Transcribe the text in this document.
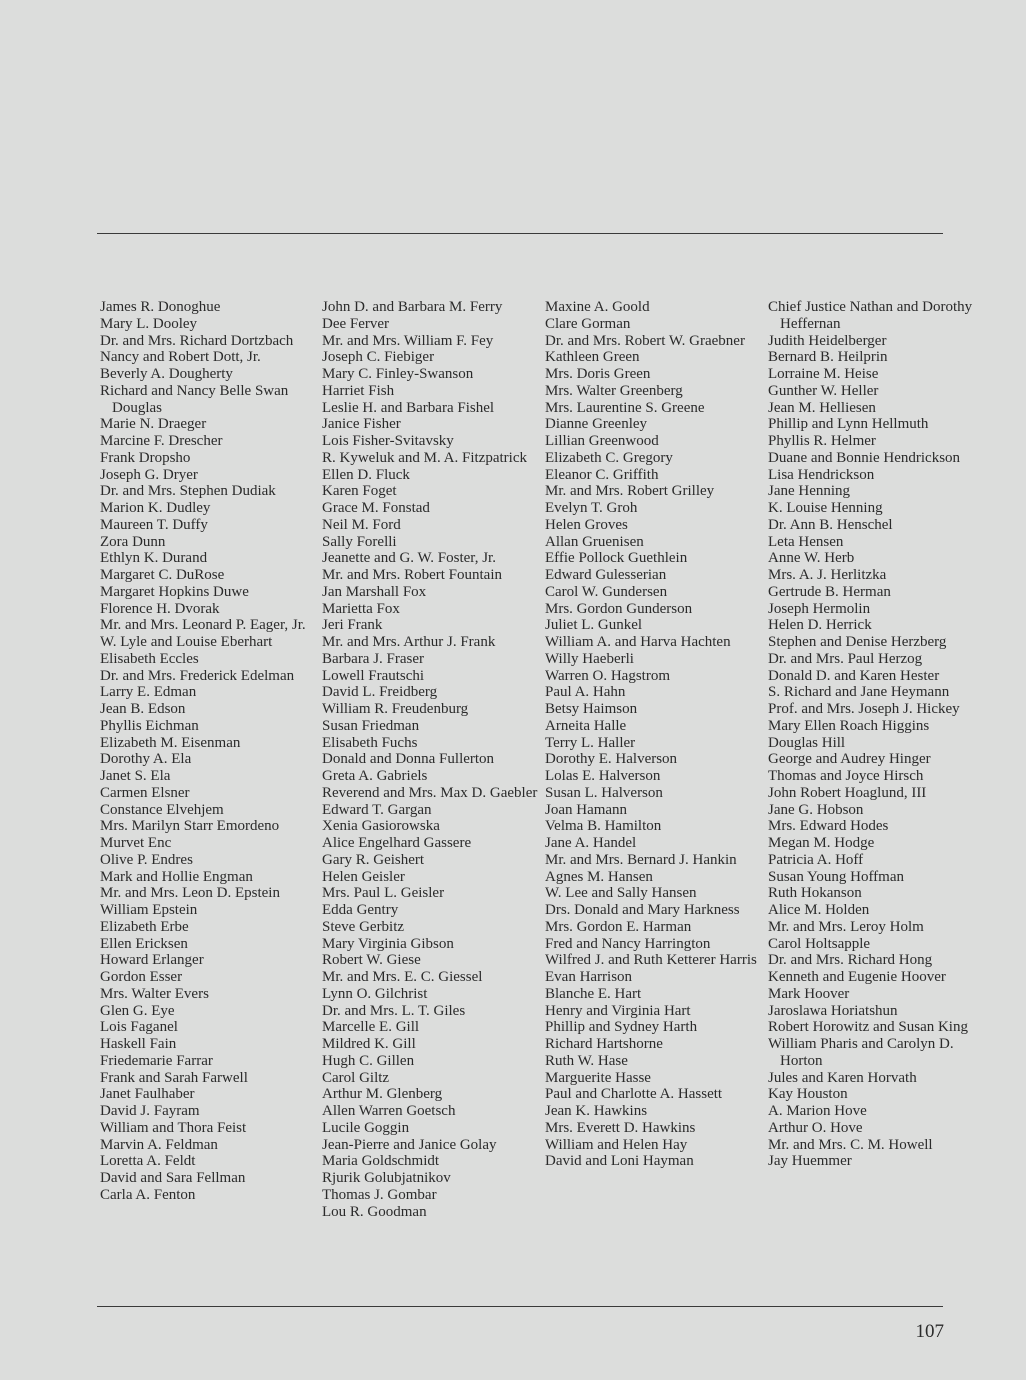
James R. Donoghue
Mary L. Dooley
Dr. and Mrs. Richard Dortzbach
Nancy and Robert Dott, Jr.
Beverly A. Dougherty
Richard and Nancy Belle Swan Douglas
Marie N. Draeger
Marcine F. Drescher
Frank Dropsho
Joseph G. Dryer
Dr. and Mrs. Stephen Dudiak
Marion K. Dudley
Maureen T. Duffy
Zora Dunn
Ethlyn K. Durand
Margaret C. DuRose
Margaret Hopkins Duwe
Florence H. Dvorak
Mr. and Mrs. Leonard P. Eager, Jr.
W. Lyle and Louise Eberhart
Elisabeth Eccles
Dr. and Mrs. Frederick Edelman
Larry E. Edman
Jean B. Edson
Phyllis Eichman
Elizabeth M. Eisenman
Dorothy A. Ela
Janet S. Ela
Carmen Elsner
Constance Elvehjem
Mrs. Marilyn Starr Emordeno
Murvet Enc
Olive P. Endres
Mark and Hollie Engman
Mr. and Mrs. Leon D. Epstein
William Epstein
Elizabeth Erbe
Ellen Ericksen
Howard Erlanger
Gordon Esser
Mrs. Walter Evers
Glen G. Eye
Lois Faganel
Haskell Fain
Friedemarie Farrar
Frank and Sarah Farwell
Janet Faulhaber
David J. Fayram
William and Thora Feist
Marvin A. Feldman
Loretta A. Feldt
David and Sara Fellman
Carla A. Fenton
John D. and Barbara M. Ferry
Dee Ferver
Mr. and Mrs. William F. Fey
Joseph C. Fiebiger
Mary C. Finley-Swanson
Harriet Fish
Leslie H. and Barbara Fishel
Janice Fisher
Lois Fisher-Svitavsky
R. Kyweluk and M. A. Fitzpatrick
Ellen D. Fluck
Karen Foget
Grace M. Fonstad
Neil M. Ford
Sally Forelli
Jeanette and G. W. Foster, Jr.
Mr. and Mrs. Robert Fountain
Jan Marshall Fox
Marietta Fox
Jeri Frank
Mr. and Mrs. Arthur J. Frank
Barbara J. Fraser
Lowell Frautschi
David L. Freidberg
William R. Freudenburg
Susan Friedman
Elisabeth Fuchs
Donald and Donna Fullerton
Greta A. Gabriels
Reverend and Mrs. Max D. Gaebler
Edward T. Gargan
Xenia Gasiorowska
Alice Engelhard Gassere
Gary R. Geishert
Helen Geisler
Mrs. Paul L. Geisler
Edda Gentry
Steve Gerbitz
Mary Virginia Gibson
Robert W. Giese
Mr. and Mrs. E. C. Giessel
Lynn O. Gilchrist
Dr. and Mrs. L. T. Giles
Marcelle E. Gill
Mildred K. Gill
Hugh C. Gillen
Carol Giltz
Arthur M. Glenberg
Allen Warren Goetsch
Lucile Goggin
Jean-Pierre and Janice Golay
Maria Goldschmidt
Rjurik Golubjatnikov
Thomas J. Gombar
Lou R. Goodman
Maxine A. Goold
Clare Gorman
Dr. and Mrs. Robert W. Graebner
Kathleen Green
Mrs. Doris Green
Mrs. Walter Greenberg
Mrs. Laurentine S. Greene
Dianne Greenley
Lillian Greenwood
Elizabeth C. Gregory
Eleanor C. Griffith
Mr. and Mrs. Robert Grilley
Evelyn T. Groh
Helen Groves
Allan Gruenisen
Effie Pollock Guethlein
Edward Gulesserian
Carol W. Gundersen
Mrs. Gordon Gunderson
Juliet L. Gunkel
William A. and Harva Hachten
Willy Haeberli
Warren O. Hagstrom
Paul A. Hahn
Betsy Haimson
Arneita Halle
Terry L. Haller
Dorothy E. Halverson
Lolas E. Halverson
Susan L. Halverson
Joan Hamann
Velma B. Hamilton
Jane A. Handel
Mr. and Mrs. Bernard J. Hankin
Agnes M. Hansen
W. Lee and Sally Hansen
Drs. Donald and Mary Harkness
Mrs. Gordon E. Harman
Fred and Nancy Harrington
Wilfred J. and Ruth Ketterer Harris
Evan Harrison
Blanche E. Hart
Henry and Virginia Hart
Phillip and Sydney Harth
Richard Hartshorne
Ruth W. Hase
Marguerite Hasse
Paul and Charlotte A. Hassett
Jean K. Hawkins
Mrs. Everett D. Hawkins
William and Helen Hay
David and Loni Hayman
Chief Justice Nathan and Dorothy Heffernan
Judith Heidelberger
Bernard B. Heilprin
Lorraine M. Heise
Gunther W. Heller
Jean M. Helliesen
Phillip and Lynn Hellmuth
Phyllis R. Helmer
Duane and Bonnie Hendrickson
Lisa Hendrickson
Jane Henning
K. Louise Henning
Dr. Ann B. Henschel
Leta Hensen
Anne W. Herb
Mrs. A. J. Herlitzka
Gertrude B. Herman
Joseph Hermolin
Helen D. Herrick
Stephen and Denise Herzberg
Dr. and Mrs. Paul Herzog
Donald D. and Karen Hester
S. Richard and Jane Heymann
Prof. and Mrs. Joseph J. Hickey
Mary Ellen Roach Higgins
Douglas Hill
George and Audrey Hinger
Thomas and Joyce Hirsch
John Robert Hoaglund, III
Jane G. Hobson
Mrs. Edward Hodes
Megan M. Hodge
Patricia A. Hoff
Susan Young Hoffman
Ruth Hokanson
Alice M. Holden
Mr. and Mrs. Leroy Holm
Carol Holtsapple
Dr. and Mrs. Richard Hong
Kenneth and Eugenie Hoover
Mark Hoover
Jaroslawa Horiatshun
Robert Horowitz and Susan King
William Pharis and Carolyn D. Horton
Jules and Karen Horvath
Kay Houston
A. Marion Hove
Arthur O. Hove
Mr. and Mrs. C. M. Howell
Jay Huemmer
107
